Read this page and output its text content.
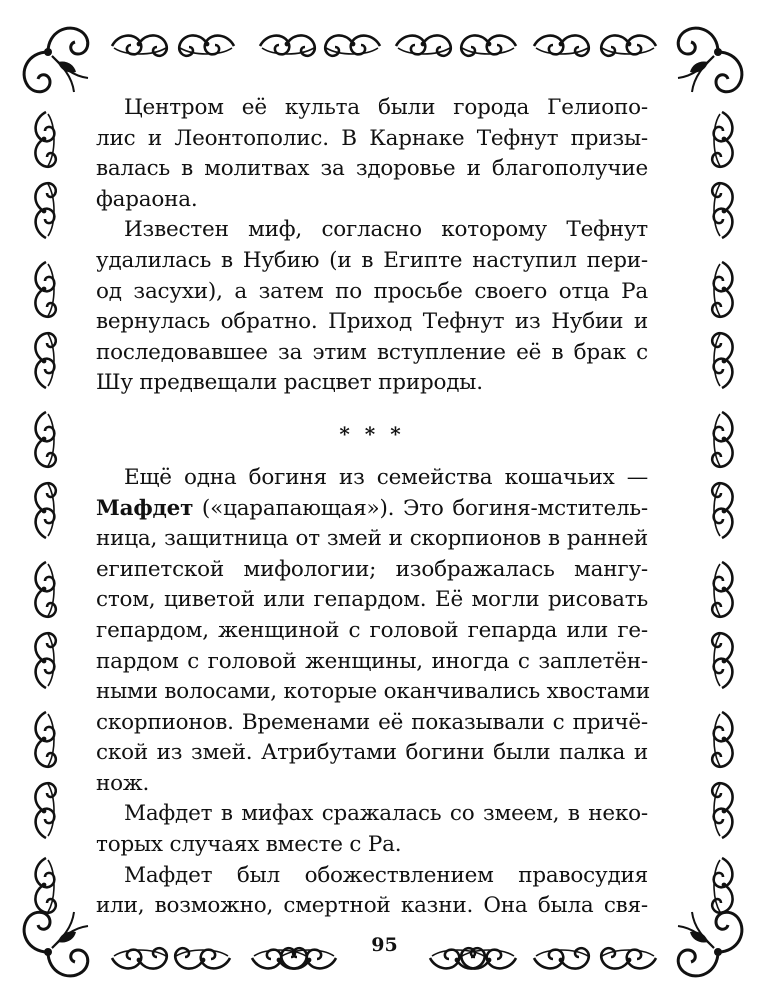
Центром её культа были города Гелиопо-
лис и Леонтополис. В Карнаке Тефнут призы-
валась в молитвах за здоровье и благополучие
фараона.
Известен миф, согласно которому Тефнут
удалилась в Нубию (и в Египте наступил пери-
од засухи), а затем по просьбе своего отца Ра
вернулась обратно. Приход Тефнут из Нубии и
последовавшее за этим вступление её в брак с
Шу предвещали расцвет природы.
* * *
Ещё одна богиня из семейства кошачьих —
Мафдет («царапающая»). Это богиня-мститель-
ница, защитница от змей и скорпионов в ранней
египетской мифологии; изображалась мангу-
стом, циветой или гепардом. Её могли рисовать
гепардом, женщиной с головой гепарда или ге-
пардом с головой женщины, иногда с заплетён-
ными волосами, которые оканчивались хвостами
скорпионов. Временами её показывали с причё-
ской из змей. Атрибутами богини были палка и
нож.
Мафдет в мифах сражалась со змеем, в неко-
торых случаях вместе с Ра.
Мафдет был обожествлением правосудия
или, возможно, смертной казни. Она была свя-
95
